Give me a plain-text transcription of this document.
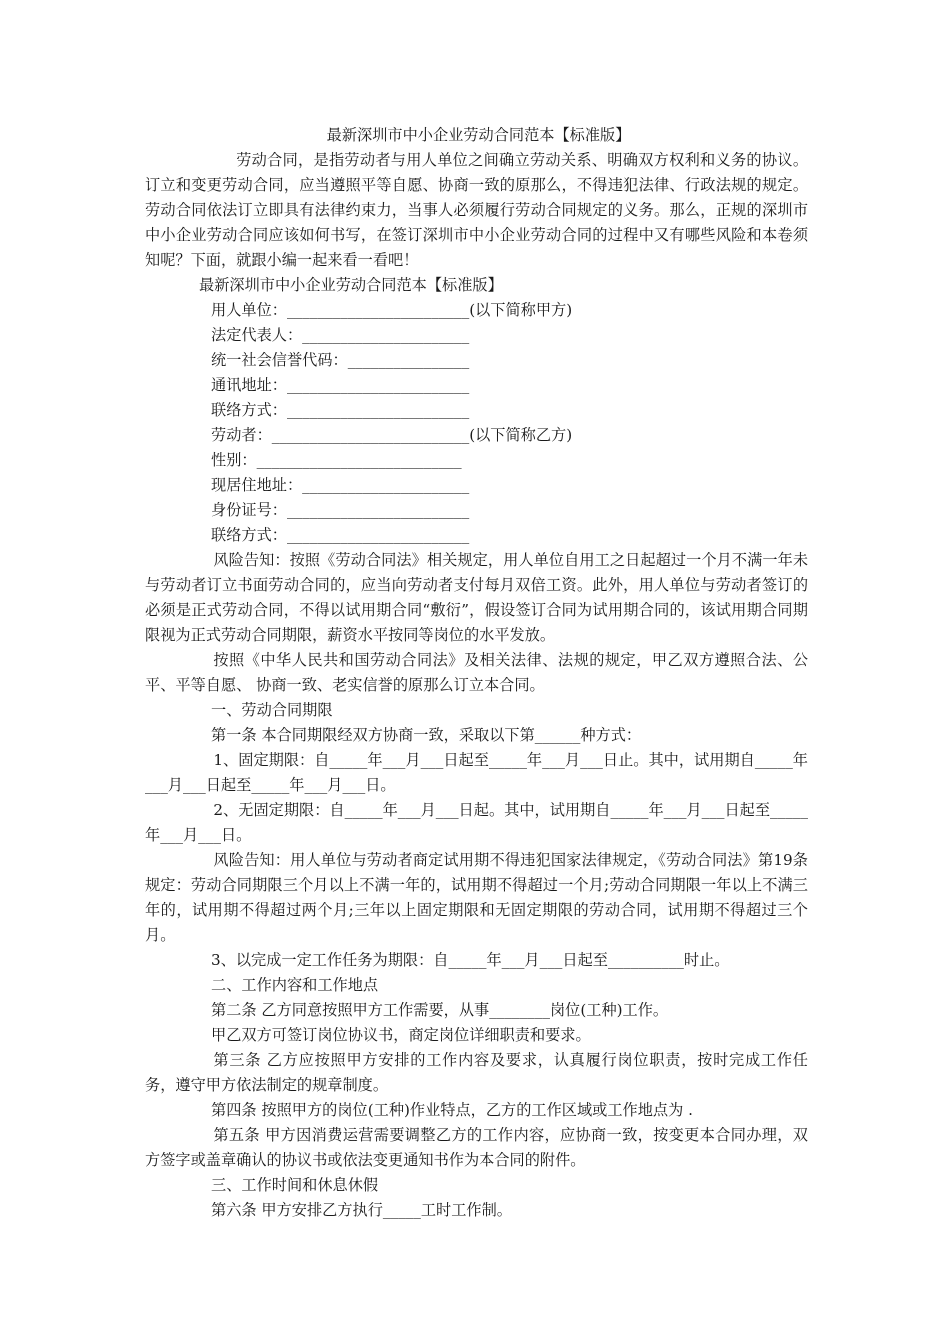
最新深圳市中小企业劳动合同范本【标准版】

劳动合同，是指劳动者与用人单位之间确立劳动关系、明确双方权利和义务的协议。订立和变更劳动合同，应当遵照平等自愿、协商一致的原那么，不得违犯法律、行政法规的规定。劳动合同依法订立即具有法律约束力，当事人必须履行劳动合同规定的义务。那么，正规的深圳市中小企业劳动合同应该如何书写，在签订深圳市中小企业劳动合同的过程中又有哪些风险和本卷须知呢？下面，就跟小编一起来看一看吧！

最新深圳市中小企业劳动合同范本【标准版】

用人单位：________________________(以下简称甲方)

法定代表人：______________________

统一社会信誉代码：________________

通讯地址：________________________

联络方式：________________________

劳动者：__________________________(以下简称乙方)

性别：___________________________

现居住地址：______________________

身份证号：________________________

联络方式：________________________

风险告知：按照《劳动合同法》相关规定，用人单位自用工之日起超过一个月不满一年未与劳动者订立书面劳动合同的，应当向劳动者支付每月双倍工资。此外，用人单位与劳动者签订的必须是正式劳动合同，不得以试用期合同“敷衍”，假设签订合同为试用期合同的，该试用期合同期限视为正式劳动合同期限，薪资水平按同等岗位的水平发放。

按照《中华人民共和国劳动合同法》及相关法律、法规的规定，甲乙双方遵照合法、公平、平等自愿、 协商一致、老实信誉的原那么订立本合同。

一、劳动合同期限

第一条 本合同期限经双方协商一致，采取以下第______种方式：

1、固定期限：自_____年___月___日起至_____年___月___日止。其中，试用期自_____年___月___日起至_____年___月___日。

2、无固定期限：自_____年___月___日起。其中，试用期自_____年___月___日起至_____年___月___日。

风险告知：用人单位与劳动者商定试用期不得违犯国家法律规定，《劳动合同法》第19条规定：劳动合同期限三个月以上不满一年的，试用期不得超过一个月;劳动合同期限一年以上不满三年的，试用期不得超过两个月;三年以上固定期限和无固定期限的劳动合同，试用期不得超过三个月。

3、以完成一定工作任务为期限：自_____年___月___日起至__________时止。

二、工作内容和工作地点

第二条 乙方同意按照甲方工作需要，从事________岗位(工种)工作。

甲乙双方可签订岗位协议书，商定岗位详细职责和要求。

第三条 乙方应按照甲方安排的工作内容及要求，认真履行岗位职责，按时完成工作任务，遵守甲方依法制定的规章制度。

第四条 按照甲方的岗位(工种)作业特点，乙方的工作区域或工作地点为 .

第五条 甲方因消费运营需要调整乙方的工作内容，应协商一致，按变更本合同办理，双方签字或盖章确认的协议书或依法变更通知书作为本合同的附件。

三、工作时间和休息休假

第六条 甲方安排乙方执行_____工时工作制。
